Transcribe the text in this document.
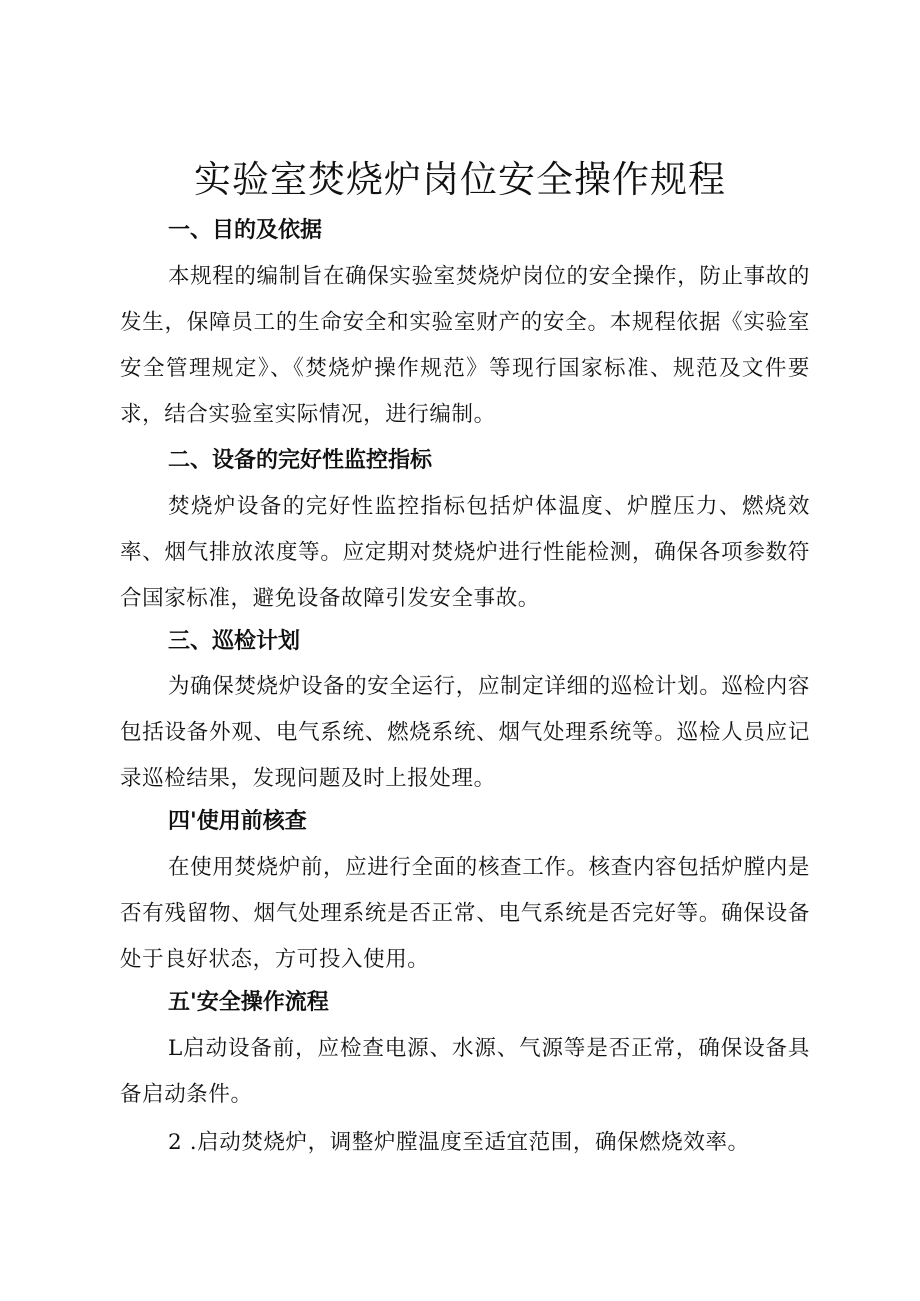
实验室焚烧炉岗位安全操作规程
一、目的及依据

本规程的编制旨在确保实验室焚烧炉岗位的安全操作，防止事故的发生，保障员工的生命安全和实验室财产的安全。本规程依据《实验室安全管理规定》、《焚烧炉操作规范》等现行国家标准、规范及文件要求，结合实验室实际情况，进行编制。

二、设备的完好性监控指标

焚烧炉设备的完好性监控指标包括炉体温度、炉膛压力、燃烧效率、烟气排放浓度等。应定期对焚烧炉进行性能检测，确保各项参数符合国家标准，避免设备故障引发安全事故。

三、巡检计划

为确保焚烧炉设备的安全运行，应制定详细的巡检计划。巡检内容包括设备外观、电气系统、燃烧系统、烟气处理系统等。巡检人员应记录巡检结果，发现问题及时上报处理。

四'使用前核查

在使用焚烧炉前，应进行全面的核查工作。核查内容包括炉膛内是否有残留物、烟气处理系统是否正常、电气系统是否完好等。确保设备处于良好状态，方可投入使用。

五'安全操作流程

L启动设备前，应检查电源、水源、气源等是否正常，确保设备具备启动条件。

2 .启动焚烧炉，调整炉膛温度至适宜范围，确保燃烧效率。
